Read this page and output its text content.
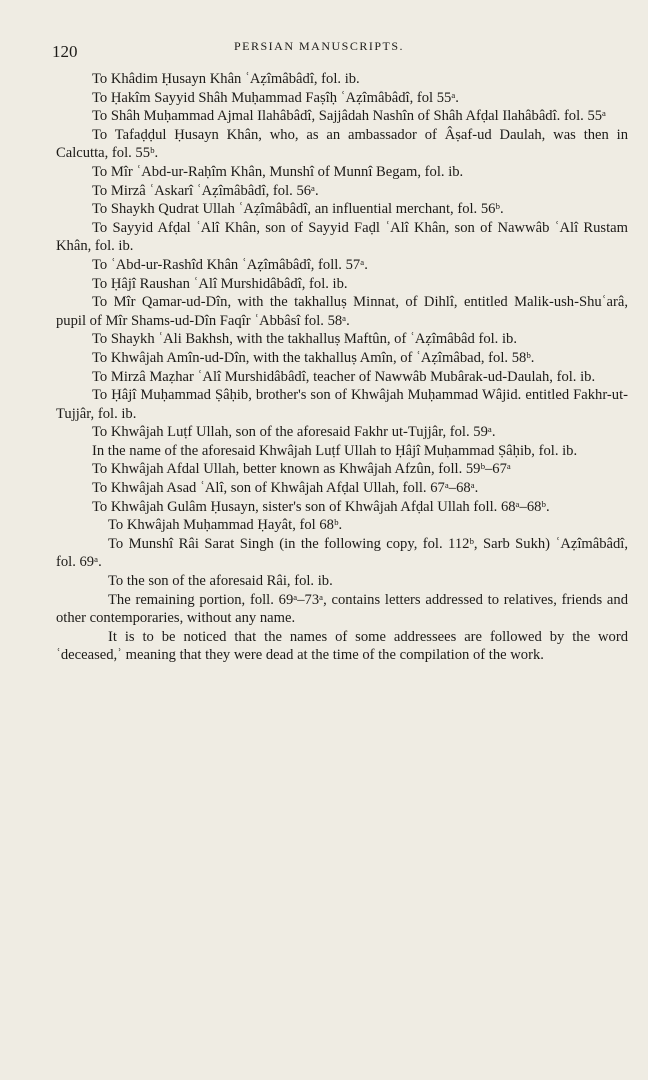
120	PERSIAN MANUSCRIPTS.

To Khâdim Ḥusayn Khân ʿAẓîmâbâdî, fol. ib.

To Ḥakîm Sayyid Shâh Muḥammad Faṣîḥ ʿAẓîmâbâdî, fol 55ᵃ.

To Shâh Muḥammad Ajmal Ilahâbâdî, Sajjâdah Nashîn of Shâh Afḍal Ilahâbâdî. fol. 55ᵃ

To Tafaḍḍul Ḥusayn Khân, who, as an ambassador of Âṣaf-ud Daulah, was then in Calcutta, fol. 55ᵇ.

To Mîr ʿAbd-ur-Raḥîm Khân, Munshî of Munnî Begam, fol. ib.

To Mirzâ ʿAskarî ʿAẓîmâbâdî, fol. 56ᵃ.

To Shaykh Qudrat Ullah ʿAẓîmâbâdî, an influential merchant, fol. 56ᵇ.

To Sayyid Afḍal ʿAlî Khân, son of Sayyid Faḍl ʿAlî Khân, son of Nawwâb ʿAlî Rustam Khân, fol. ib.

To ʿAbd-ur-Rashîd Khân ʿAẓîmâbâdî, foll. 57ᵃ.

To Ḥâjî Raushan ʿAlî Murshidâbâdî, fol. ib.

To Mîr Qamar-ud-Dîn, with the takhalluṣ Minnat, of Dihlî, entitled Malik-ush-Shuʿarâ, pupil of Mîr Shams-ud-Dîn Faqîr ʿAbbâsî fol. 58ᵃ.

To Shaykh ʿAli Bakhsh, with the takhalluṣ Maftûn, of ʿAẓîmâbâd fol. ib.

To Khwâjah Amîn-ud-Dîn, with the takhalluṣ Amîn, of ʿAẓîmâbad, fol. 58ᵇ.

To Mirzâ Maẓhar ʿAlî Murshidâbâdî, teacher of Nawwâb Mubârak-ud-Daulah, fol. ib.

To Ḥâjî Muḥammad Ṣâḥib, brother's son of Khwâjah Muḥammad Wâjid. entitled Fakhr-ut-Tujjâr, fol. ib.

To Khwâjah Luṭf Ullah, son of the aforesaid Fakhr ut-Tujjâr, fol. 59ᵃ.

In the name of the aforesaid Khwâjah Luṭf Ullah to Ḥâjî Muḥammad Ṣâḥib, fol. ib.

To Khwâjah Afdal Ullah, better known as Khwâjah Afzûn, foll. 59ᵇ–67ᵃ

To Khwâjah Asad ʿAlî, son of Khwâjah Afḍal Ullah, foll. 67ᵃ–68ᵃ.

To Khwâjah Gulâm Ḥusayn, sister's son of Khwâjah Afḍal Ullah foll. 68ᵃ–68ᵇ.

To Khwâjah Muḥammad Ḥayât, fol 68ᵇ.

To Munshî Râi Sarat Singh (in the following copy, fol. 112ᵇ, Sarb Sukh) ʿAẓîmâbâdî, fol. 69ᵃ.

To the son of the aforesaid Râi, fol. ib.

The remaining portion, foll. 69ᵃ–73ᵃ, contains letters addressed to relatives, friends and other contemporaries, without any name.

It is to be noticed that the names of some addressees are followed by the word ʿdeceased,ʾ meaning that they were dead at the time of the compilation of the work.
